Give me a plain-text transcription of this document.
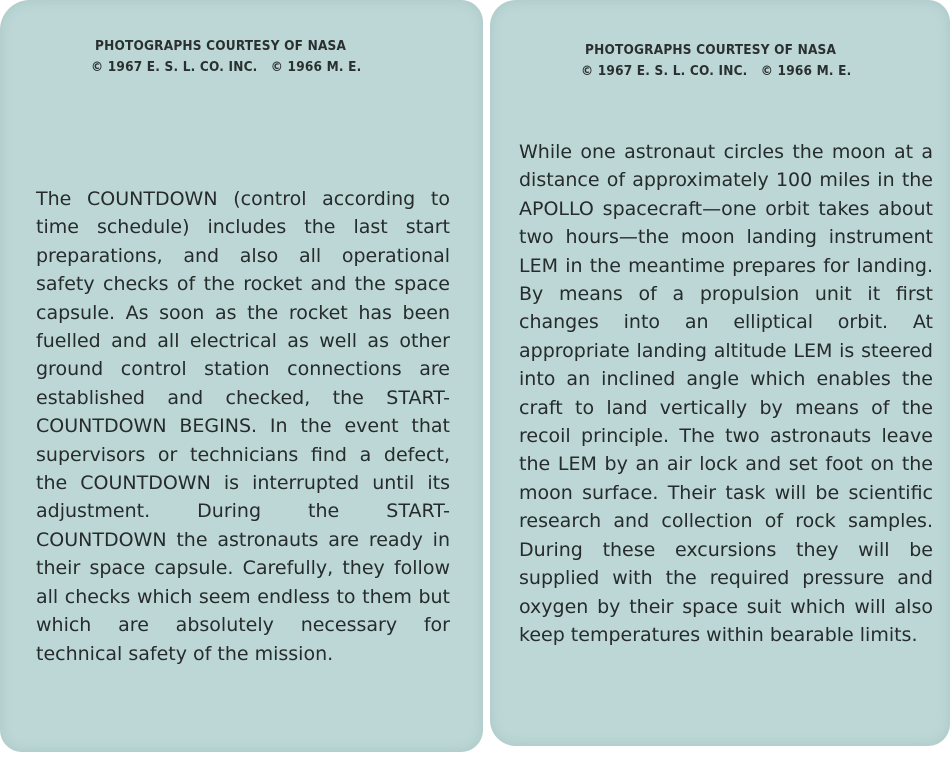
PHOTOGRAPHS COURTESY OF NASA
© 1967 E. S. L. CO. INC.   © 1966 M. E.
The COUNTDOWN (control according to time schedule) includes the last start preparations, and also all operational safety checks of the rocket and the space capsule. As soon as the rocket has been fuelled and all electrical as well as other ground control station connections are established and checked, the START-COUNTDOWN BEGINS. In the event that supervisors or technicians find a defect, the COUNTDOWN is interrupted until its adjustment. During the START-COUNTDOWN the astronauts are ready in their space capsule. Carefully, they follow all checks which seem endless to them but which are absolutely necessary for technical safety of the mission.
PHOTOGRAPHS COURTESY OF NASA
© 1967 E. S. L. CO. INC.   © 1966 M. E.
While one astronaut circles the moon at a distance of approximately 100 miles in the APOLLO spacecraft—one orbit takes about two hours—the moon landing instrument LEM in the meantime prepares for landing. By means of a propulsion unit it first changes into an elliptical orbit. At appropriate landing altitude LEM is steered into an inclined angle which enables the craft to land vertically by means of the recoil principle. The two astronauts leave the LEM by an air lock and set foot on the moon surface. Their task will be scientific research and collection of rock samples. During these excursions they will be supplied with the required pressure and oxygen by their space suit which will also keep temperatures within bearable limits.
